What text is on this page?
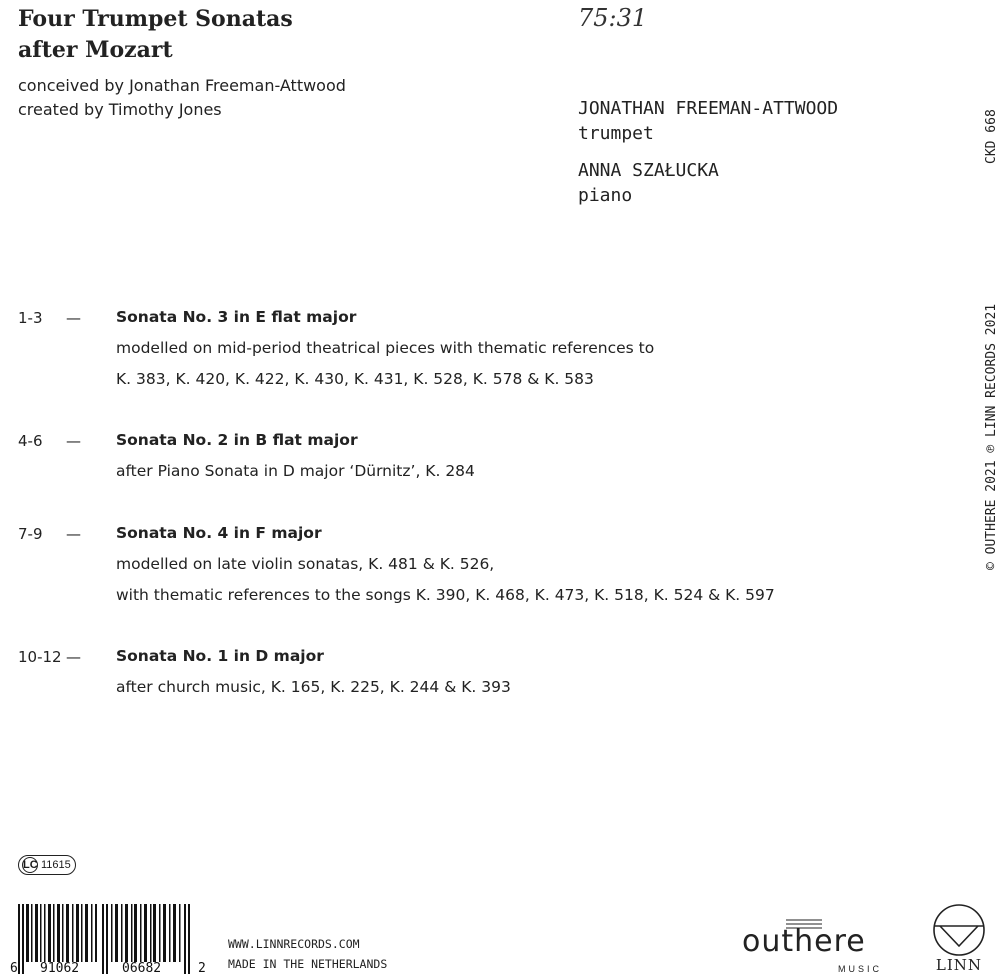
Four Trumpet Sonatas
after Mozart
conceived by Jonathan Freeman-Attwood
created by Timothy Jones
75:31
JONATHAN FREEMAN-ATTWOOD
trumpet
ANNA SZAŁUCKA
piano
CKD 668
© OUTHERE 2021 ℗ LINN RECORDS 2021
1-3 — Sonata No. 3 in E flat major
modelled on mid-period theatrical pieces with thematic references to
K. 383, K. 420, K. 422, K. 430, K. 431, K. 528, K. 578 & K. 583
4-6 — Sonata No. 2 in B flat major
after Piano Sonata in D major ‘Dürnitz’, K. 284
7-9 — Sonata No. 4 in F major
modelled on late violin sonatas, K. 481 & K. 526,
with thematic references to the songs K. 390, K. 468, K. 473, K. 518, K. 524 & K. 597
10-12 — Sonata No. 1 in D major
after church music, K. 165, K. 225, K. 244 & K. 393
LC 11615
6 91062	06682	2
WWW.LINNRECORDS.COM
MADE IN THE NETHERLANDS
outhere
MUSIC	LINN
